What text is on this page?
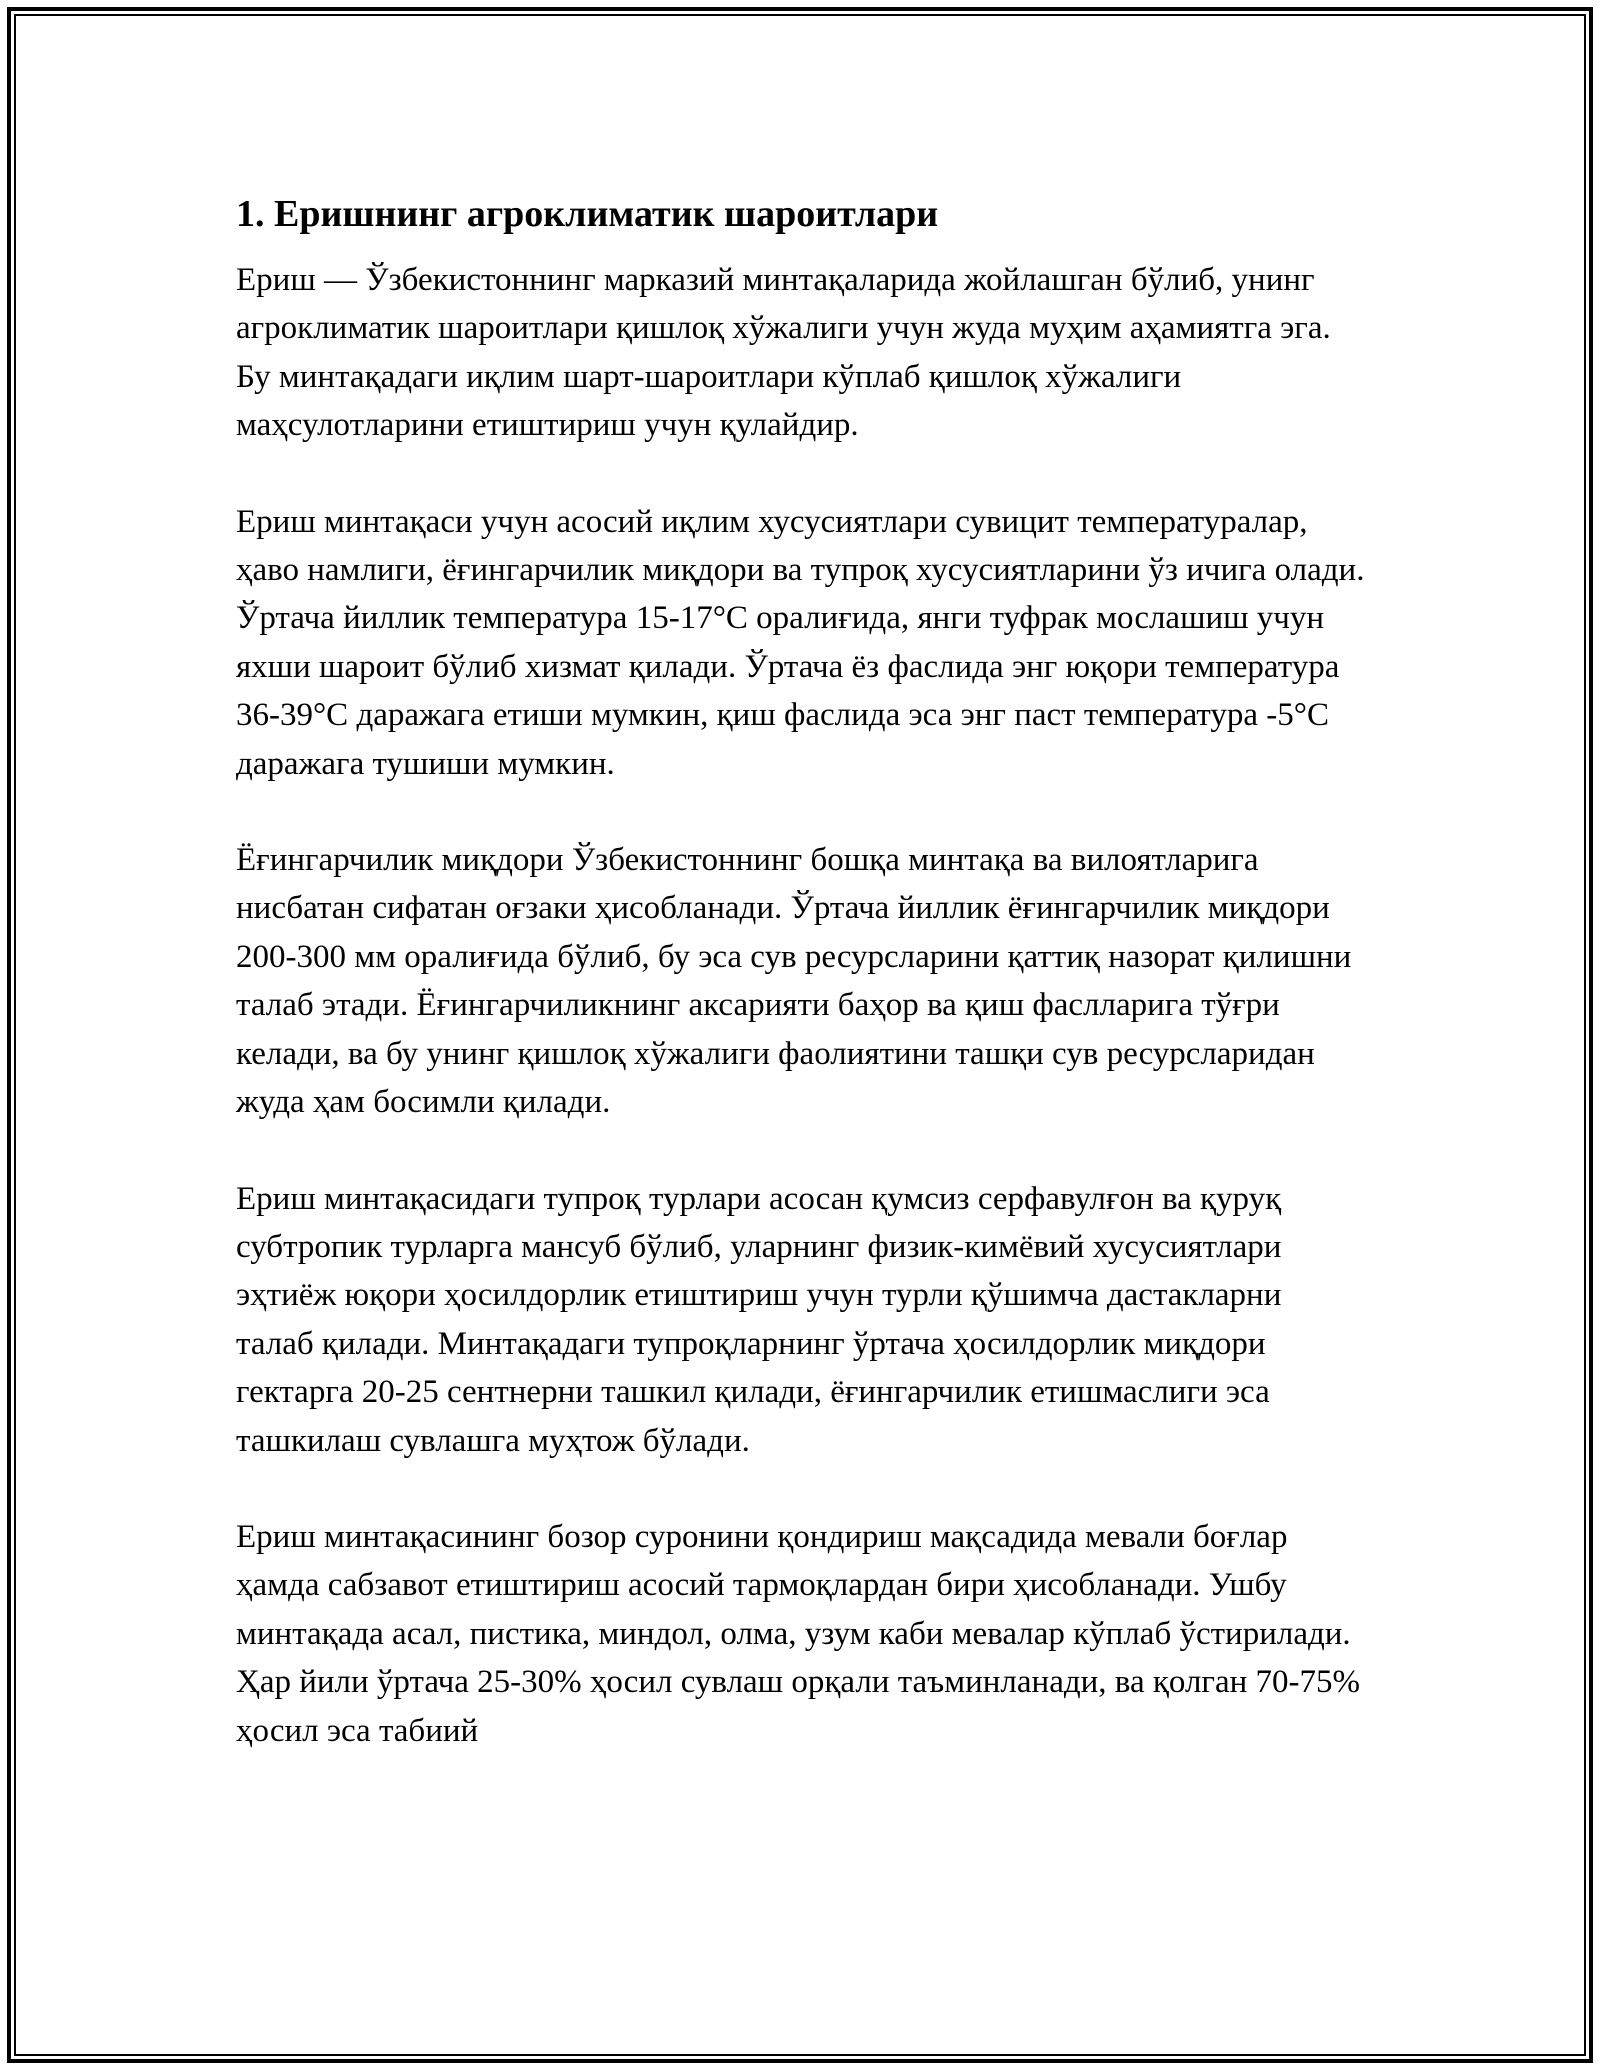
1. Еришнинг агроклиматик шароитлари

Ериш — Ўзбекистоннинг марказий минтақаларида жойлашган бўлиб, унинг агроклиматик шароитлари қишлоқ хўжалиги учун жуда муҳим аҳамиятга эга. Бу минтақадаги иқлим шарт-шароитлари кўплаб қишлоқ хўжалиги маҳсулотларини етиштириш учун қулайдир.

Ериш минтақаси учун асосий иқлим хусусиятлари сувицит температуралар, ҳаво намлиги, ёғингарчилик миқдори ва тупроқ хусусиятларини ўз ичига олади. Ўртача йиллик температура 15-17°C оралиғида, янги туфрак мослашиш учун яхши шароит бўлиб хизмат қилади. Ўртача ёз фаслида энг юқори температура 36-39°C даражага етиши мумкин, қиш фаслида эса энг паст температура -5°C даражага тушиши мумкин.

Ёғингарчилик миқдори Ўзбекистоннинг бошқа минтақа ва вилоятларига нисбатан сифатан оғзаки ҳисобланади. Ўртача йиллик ёғингарчилик миқдори 200-300 мм оралиғида бўлиб, бу эса сув ресурсларини қаттиқ назорат қилишни талаб этади. Ёғингарчиликнинг аксарияти баҳор ва қиш фаслларига тўғри келади, ва бу унинг қишлоқ хўжалиги фаолиятини ташқи сув ресурсларидан жуда ҳам босимли қилади.

Ериш минтақасидаги тупроқ турлари асосан қумсиз серфавулғон ва қуруқ субтропик турларга мансуб бўлиб, уларнинг физик-кимёвий хусусиятлари эҳтиёж юқори ҳосилдорлик етиштириш учун турли қўшимча дастакларни талаб қилади. Минтақадаги тупроқларнинг ўртача ҳосилдорлик миқдори гектарга 20-25 сентнерни ташкил қилади, ёғингарчилик етишмаслиги эса ташкилаш сувлашга муҳтож бўлади.

Ериш минтақасининг бозор суронини қондириш мақсадида мевали боғлар ҳамда сабзавот етиштириш асосий тармоқлардан бири ҳисобланади. Ушбу минтақада асал, пистика, миндол, олма, узум каби мевалар кўплаб ўстирилади. Ҳар йили ўртача 25-30% ҳосил сувлаш орқали таъминланади, ва қолган 70-75% ҳосил эса табиий
